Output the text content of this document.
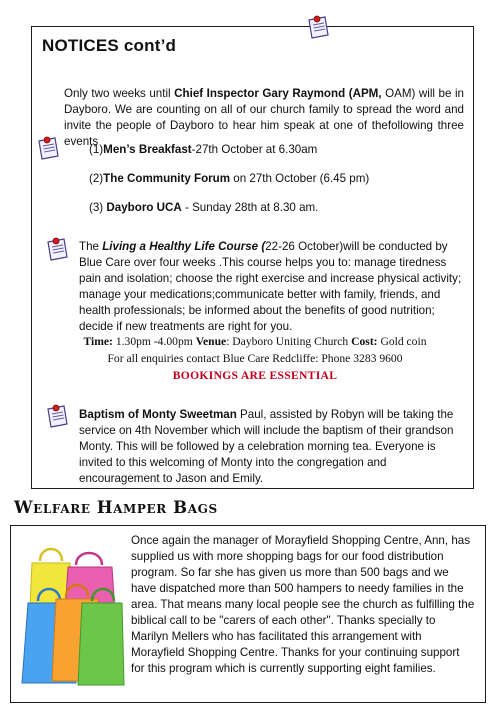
NOTICES cont’d
Only two weeks until Chief Inspector Gary Raymond (APM, OAM) will be in Dayboro. We are counting on all of our church family to spread the word and invite the people of Dayboro to hear him speak at one of thefollowing three events
(1)Men’s Breakfast-27th October at 6.30am
(2)The Community Forum on 27th October (6.45 pm)
(3) Dayboro UCA - Sunday 28th at 8.30 am.
The Living a Healthy Life Course (22-26 October)will be conducted by Blue Care over four weeks .This course helps you to: manage tiredness pain and isolation; choose the right exercise and increase physical activity; manage your medications;communicate better with family, friends, and health professionals; be informed about the benefits of good nutrition; decide if new treatments are right for you.
Time: 1.30pm -4.00pm Venue: Dayboro Uniting Church Cost: Gold coin
For all enquiries contact Blue Care Redcliffe: Phone 3283 9600
BOOKINGS ARE ESSENTIAL
Baptism of Monty Sweetman Paul, assisted by Robyn will be taking the service on 4th November which will include the baptism of their grandson Monty. This will be followed by a celebration morning tea. Everyone is invited to this welcoming of Monty into the congregation and encouragement to Jason and Emily.
Welfare Hamper Bags
Once again the manager of Morayfield Shopping Centre, Ann, has supplied us with more shopping bags for our food distribution program. So far she has given us more than 500 bags and we have dispatched more than 500 hampers to needy families in the area. That means many local people see the church as fulfilling the biblical call to be "carers of each other". Thanks specially to Marilyn Mellers who has facilitated this arrangement with Morayfield Shopping Centre. Thanks for your continuing support for this program which is currently supporting eight families.
